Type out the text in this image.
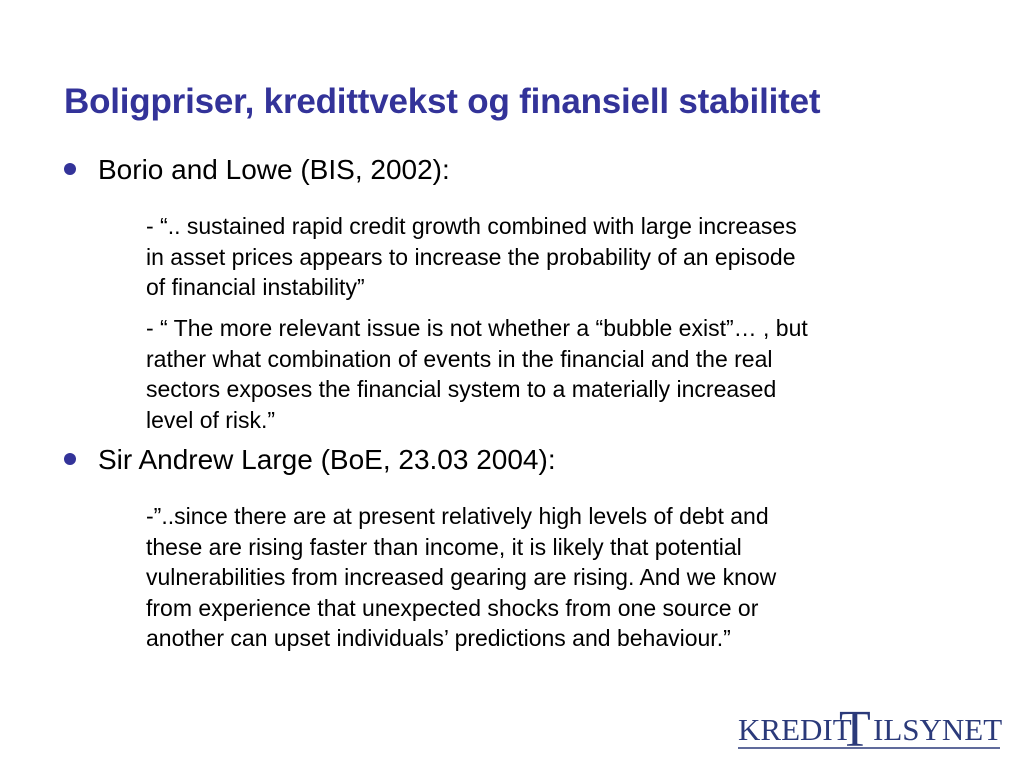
Boligpriser, kredittvekst og finansiell stabilitet
Borio and Lowe (BIS, 2002):
- “.. sustained rapid credit growth combined with large increases
in asset prices appears to increase the probability of an episode
of financial instability”
- “ The more relevant issue is not whether a “bubble exist”… , but
rather what combination of events in the financial and the real
sectors exposes the financial system to a materially increased
level of risk.”
Sir Andrew Large (BoE, 23.03 2004):
-”..since there are at present relatively high levels of debt and
these are rising faster than income, it is likely that potential
vulnerabilities from increased gearing are rising. And we know
from experience that unexpected shocks from one source or
another can upset individuals’ predictions and behaviour.”
KREDIT
T ILSYNET
